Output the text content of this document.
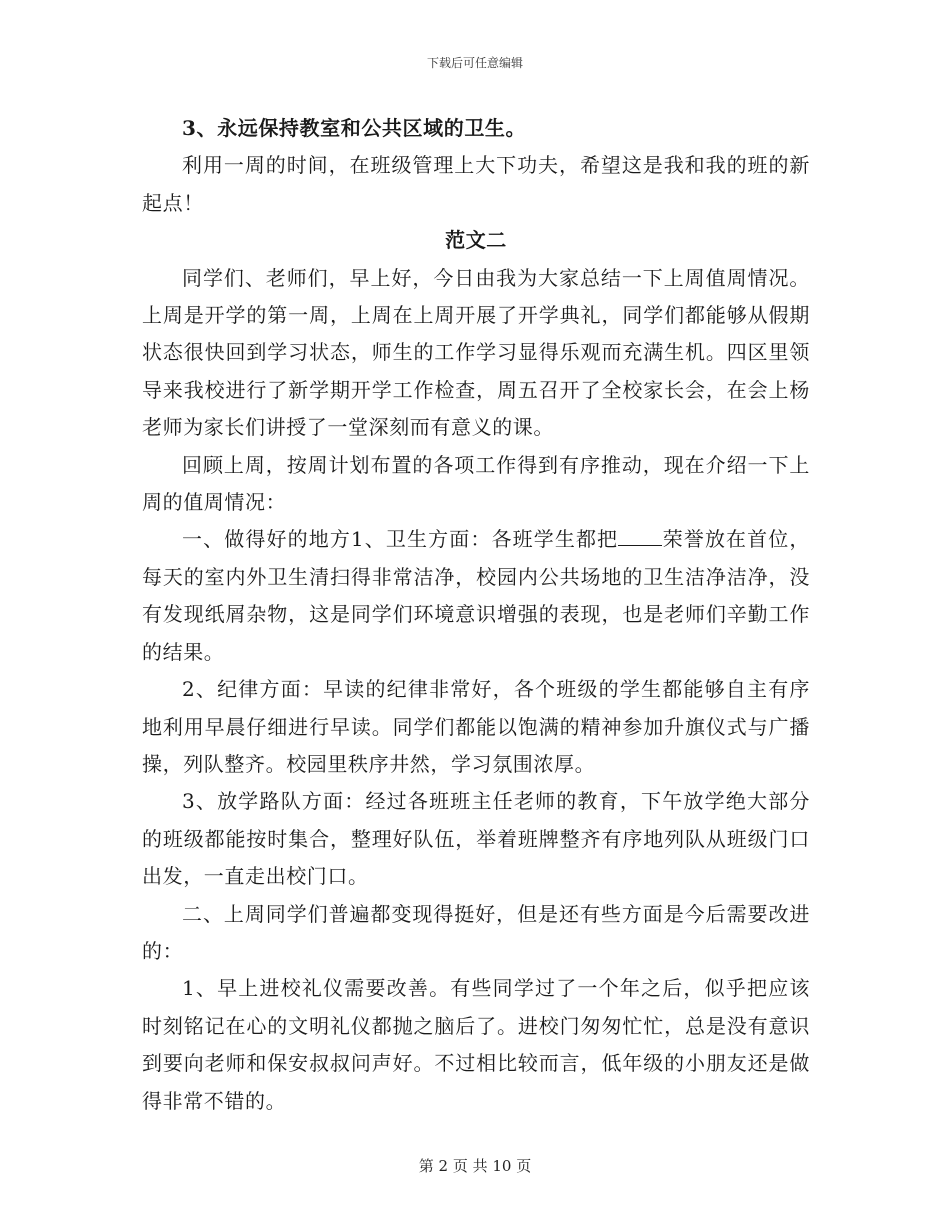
下载后可任意编辑

3、永远保持教室和公共区域的卫生。

利用一周的时间，在班级管理上大下功夫，希望这是我和我的班的新起点！

范文二

同学们、老师们，早上好，今日由我为大家总结一下上周值周情况。上周是开学的第一周，上周在上周开展了开学典礼，同学们都能够从假期状态很快回到学习状态，师生的工作学习显得乐观而充满生机。四区里领导来我校进行了新学期开学工作检查，周五召开了全校家长会，在会上杨老师为家长们讲授了一堂深刻而有意义的课。

回顾上周，按周计划布置的各项工作得到有序推动，现在介绍一下上周的值周情况：

一、做得好的地方1、卫生方面：各班学生都把 荣誉放在首位，每天的室内外卫生清扫得非常洁净，校园内公共场地的卫生洁净洁净，没有发现纸屑杂物，这是同学们环境意识增强的表现，也是老师们辛勤工作的结果。

2、纪律方面：早读的纪律非常好，各个班级的学生都能够自主有序地利用早晨仔细进行早读。同学们都能以饱满的精神参加升旗仪式与广播操，列队整齐。校园里秩序井然，学习氛围浓厚。

3、放学路队方面：经过各班班主任老师的教育，下午放学绝大部分的班级都能按时集合，整理好队伍，举着班牌整齐有序地列队从班级门口出发，一直走出校门口。

二、上周同学们普遍都变现得挺好，但是还有些方面是今后需要改进的：

1、早上进校礼仪需要改善。有些同学过了一个年之后，似乎把应该时刻铭记在心的文明礼仪都抛之脑后了。进校门匆匆忙忙，总是没有意识到要向老师和保安叔叔问声好。不过相比较而言，低年级的小朋友还是做得非常不错的。

第 2 页 共 10 页
